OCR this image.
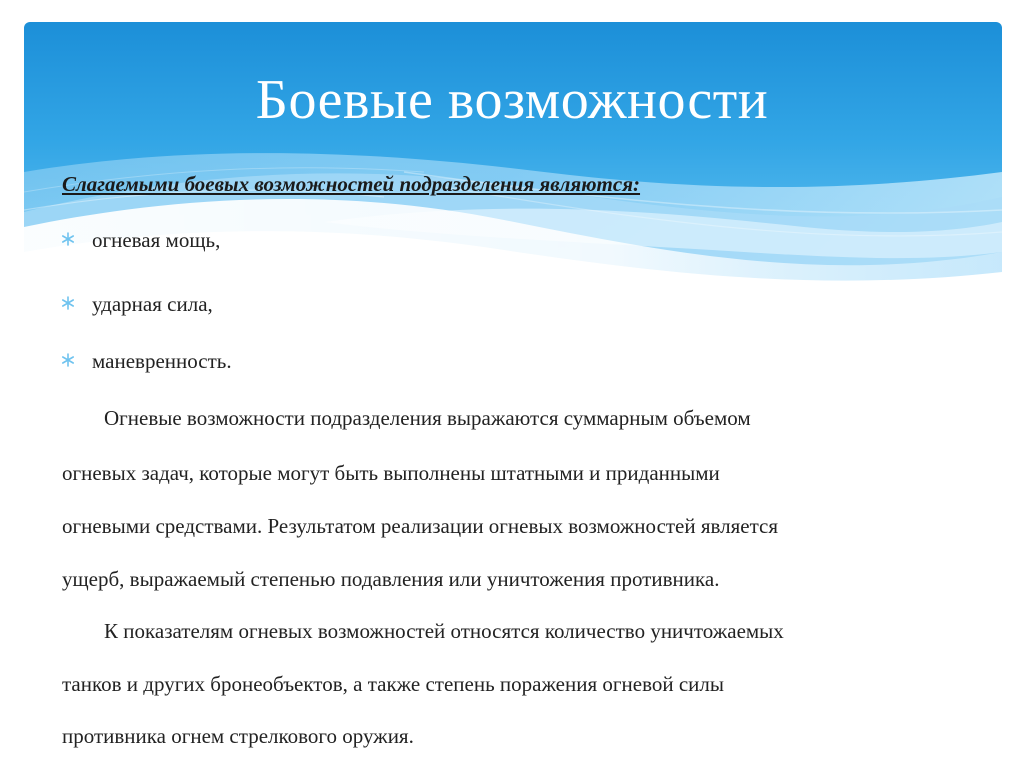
Боевые возможности
Слагаемыми боевых возможностей подразделения являются:
огневая мощь,
ударная сила,
маневренность.
Огневые возможности подразделения выражаются суммарным объемом
огневых задач, которые могут быть выполнены штатными и приданными
огневыми средствами. Результатом реализации огневых возможностей является
ущерб, выражаемый степенью подавления или уничтожения противника.
К показателям огневых возможностей относятся количество уничтожаемых
танков и других бронеобъектов, а также степень поражения огневой силы
противника огнем стрелкового оружия.
